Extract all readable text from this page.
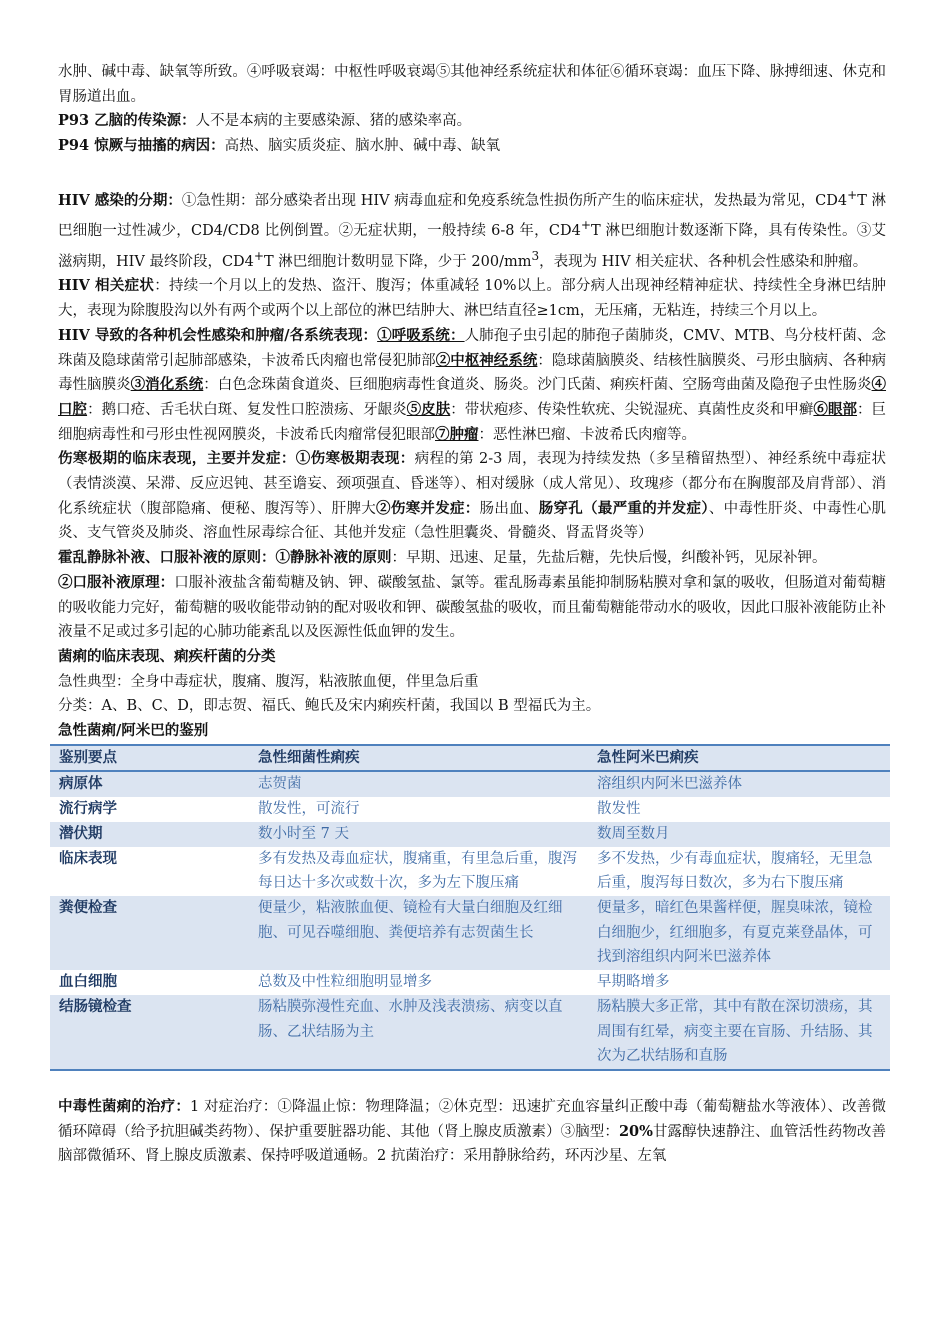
水肿、碱中毒、缺氧等所致。④呼吸衰竭：中枢性呼吸衰竭⑤其他神经系统症状和体征⑥循环衰竭：血压下降、脉搏细速、休克和胃肠道出血。

P93 乙脑的传染源：人不是本病的主要感染源、猪的感染率高。

P94 惊厥与抽搐的病因：高热、脑实质炎症、脑水肿、碱中毒、缺氧

HIV 感染的分期：①急性期：部分感染者出现 HIV 病毒血症和免疫系统急性损伤所产生的临床症状，发热最为常见，CD4+T 淋巴细胞一过性减少，CD4/CD8 比例倒置。②无症状期，一般持续 6-8 年，CD4+T 淋巴细胞计数逐渐下降，具有传染性。③艾滋病期，HIV 最终阶段，CD4+T 淋巴细胞计数明显下降，少于 $200/mm^3$，表现为 HIV 相关症状、各种机会性感染和肿瘤。

HIV 相关症状：持续一个月以上的发热、盗汗、腹泻；体重减轻 10%以上。部分病人出现神经精神症状、持续性全身淋巴结肿大，表现为除腹股沟以外有两个或两个以上部位的淋巴结肿大、淋巴结直径≥1cm，无压痛，无粘连，持续三个月以上。

HIV 导致的各种机会性感染和肿瘤/各系统表现：①呼吸系统：人肺孢子虫引起的肺孢子菌肺炎，CMV、MTB、鸟分枝杆菌、念珠菌及隐球菌常引起肺部感染，卡波希氏肉瘤也常侵犯肺部②中枢神经系统：隐球菌脑膜炎、结核性脑膜炎、弓形虫脑病、各种病毒性脑膜炎③消化系统：白色念珠菌食道炎、巨细胞病毒性食道炎、肠炎。沙门氏菌、痢疾杆菌、空肠弯曲菌及隐孢子虫性肠炎④口腔：鹅口疮、舌毛状白斑、复发性口腔溃疡、牙龈炎⑤皮肤：带状疱疹、传染性软疣、尖锐湿疣、真菌性皮炎和甲癣⑥眼部：巨细胞病毒性和弓形虫性视网膜炎，卡波希氏肉瘤常侵犯眼部⑦肿瘤：恶性淋巴瘤、卡波希氏肉瘤等。

伤寒极期的临床表现，主要并发症：①伤寒极期表现：病程的第 2-3 周，表现为持续发热（多呈稽留热型）、神经系统中毒症状（表情淡漠、呆滞、反应迟钝、甚至谵妄、颈项强直、昏迷等）、相对缓脉（成人常见）、玫瑰疹（都分布在胸腹部及肩背部）、消化系统症状（腹部隐痛、便秘、腹泻等）、肝脾大②伤寒并发症：肠出血、肠穿孔（最严重的并发症）、中毒性肝炎、中毒性心肌炎、支气管炎及肺炎、溶血性尿毒综合征、其他并发症（急性胆囊炎、骨髓炎、肾盂肾炎等）

霍乱静脉补液、口服补液的原则：①静脉补液的原则：早期、迅速、足量，先盐后糖，先快后慢，纠酸补钙，见尿补钾。

②口服补液原理：口服补液盐含葡萄糖及钠、钾、碳酸氢盐、氯等。霍乱肠毒素虽能抑制肠粘膜对拿和氯的吸收，但肠道对葡萄糖的吸收能力完好，葡萄糖的吸收能带动钠的配对吸收和钾、碳酸氢盐的吸收，而且葡萄糖能带动水的吸收，因此口服补液能防止补液量不足或过多引起的心肺功能紊乱以及医源性低血钾的发生。

菌痢的临床表现、痢疾杆菌的分类

急性典型：全身中毒症状，腹痛、腹泻，粘液脓血便，伴里急后重

分类：A、B、C、D，即志贺、福氏、鲍氏及宋内痢疾杆菌，我国以 B 型福氏为主。

急性菌痢/阿米巴的鉴别

鉴别要点	急性细菌性痢疾	急性阿米巴痢疾
病原体	志贺菌	溶组织内阿米巴滋养体
流行病学	散发性，可流行	散发性
潜伏期	数小时至 7 天	数周至数月
临床表现	多有发热及毒血症状，腹痛重，有里急后重，腹泻每日达十多次或数十次，多为左下腹压痛	多不发热，少有毒血症状，腹痛轻，无里急后重，腹泻每日数次，多为右下腹压痛
粪便检查	便量少，粘液脓血便、镜检有大量白细胞及红细胞、可见吞噬细胞、粪便培养有志贺菌生长	便量多，暗红色果酱样便，腥臭味浓，镜检白细胞少，红细胞多，有夏克莱登晶体，可找到溶组织内阿米巴滋养体
血白细胞	总数及中性粒细胞明显增多	早期略增多
结肠镜检查	肠粘膜弥漫性充血、水肿及浅表溃疡、病变以直肠、乙状结肠为主	肠粘膜大多正常，其中有散在深切溃疡，其周围有红晕，病变主要在盲肠、升结肠、其次为乙状结肠和直肠

中毒性菌痢的治疗：1 对症治疗：①降温止惊：物理降温；②休克型：迅速扩充血容量纠正酸中毒（葡萄糖盐水等液体）、改善微循环障碍（给予抗胆碱类药物）、保护重要脏器功能、其他（肾上腺皮质激素）③脑型：20%甘露醇快速静注、血管活性药物改善脑部微循环、肾上腺皮质激素、保持呼吸道通畅。2 抗菌治疗：采用静脉给药，环丙沙星、左氧
